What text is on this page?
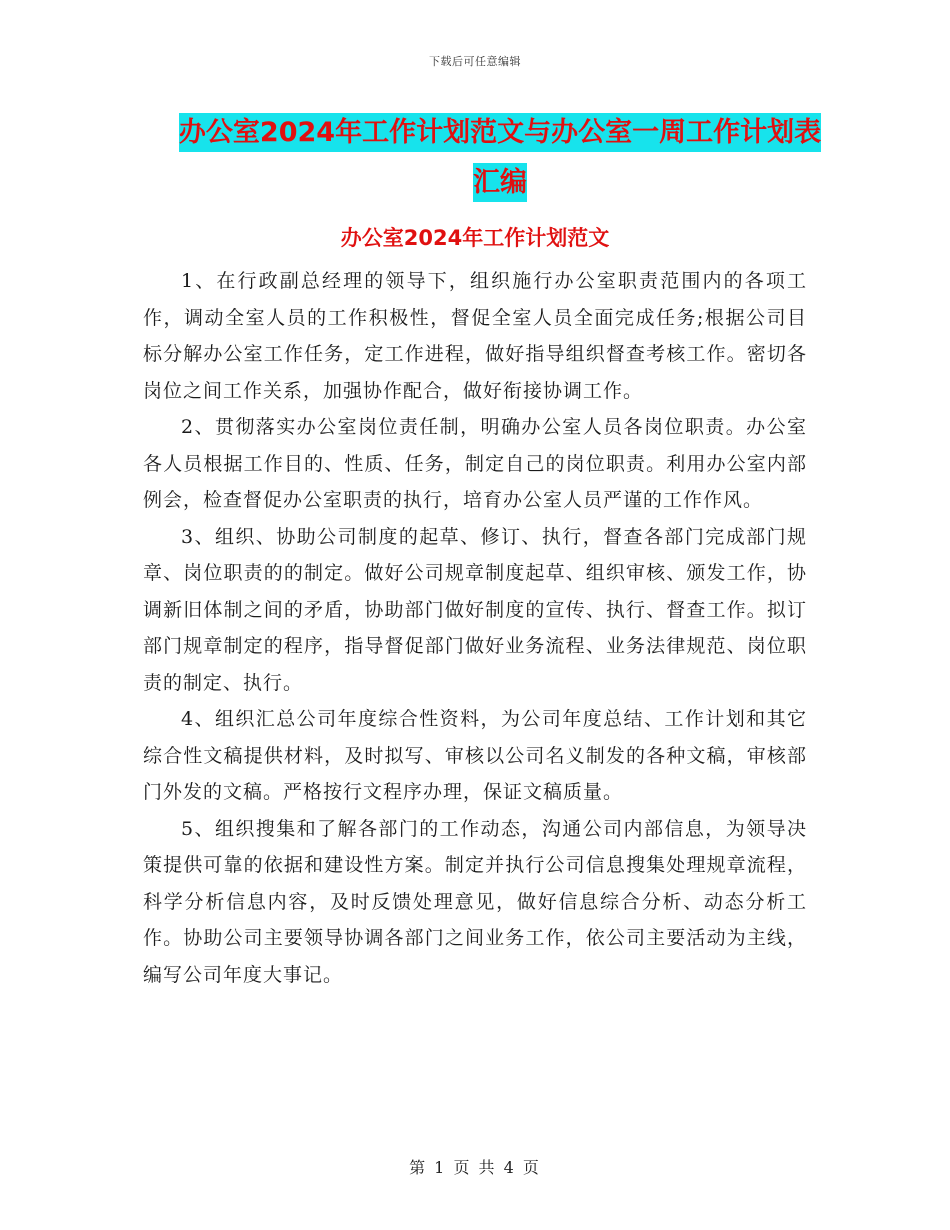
下载后可任意编辑
办公室2024年工作计划范文与办公室一周工作计划表
汇编
办公室2024年工作计划范文

1、在行政副总经理的领导下，组织施行办公室职责范围内的各项工作，调动全室人员的工作积极性，督促全室人员全面完成任务;根据公司目标分解办公室工作任务，定工作进程，做好指导组织督查考核工作。密切各岗位之间工作关系，加强协作配合，做好衔接协调工作。

2、贯彻落实办公室岗位责任制，明确办公室人员各岗位职责。办公室各人员根据工作目的、性质、任务，制定自己的岗位职责。利用办公室内部例会，检查督促办公室职责的执行，培育办公室人员严谨的工作作风。

3、组织、协助公司制度的起草、修订、执行，督查各部门完成部门规章、岗位职责的的制定。做好公司规章制度起草、组织审核、颁发工作，协调新旧体制之间的矛盾，协助部门做好制度的宣传、执行、督查工作。拟订部门规章制定的程序，指导督促部门做好业务流程、业务法律规范、岗位职责的制定、执行。

4、组织汇总公司年度综合性资料，为公司年度总结、工作计划和其它综合性文稿提供材料，及时拟写、审核以公司名义制发的各种文稿，审核部门外发的文稿。严格按行文程序办理，保证文稿质量。

5、组织搜集和了解各部门的工作动态，沟通公司内部信息，为领导决策提供可靠的依据和建设性方案。制定并执行公司信息搜集处理规章流程，科学分析信息内容，及时反馈处理意见，做好信息综合分析、动态分析工作。协助公司主要领导协调各部门之间业务工作，依公司主要活动为主线，编写公司年度大事记。

第 1 页 共 4 页
